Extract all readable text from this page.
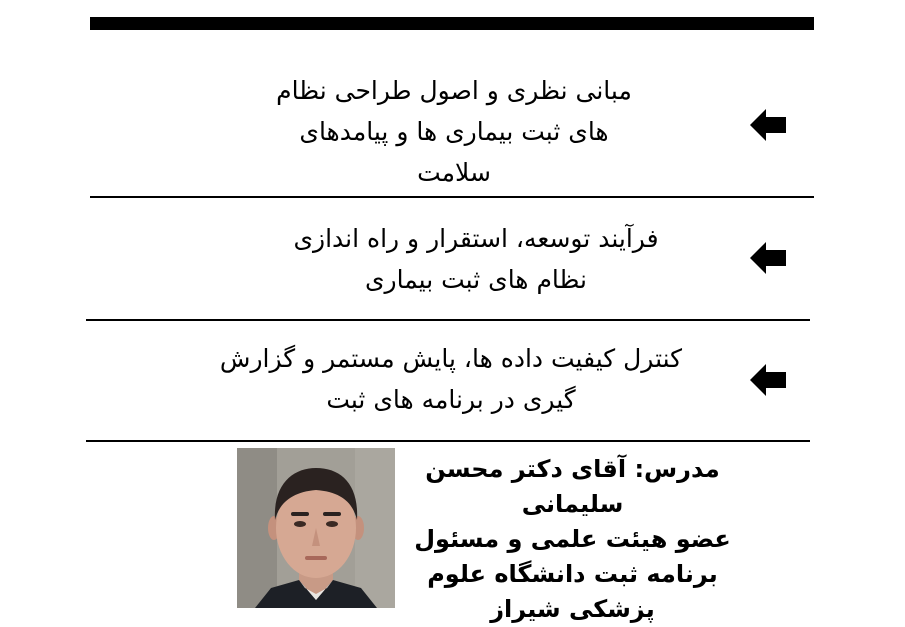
مبانی نظری و اصول طراحی نظام
های ثبت بیماری ها و پیامدهای
سلامت
فرآیند توسعه، استقرار و راه اندازی
نظام های ثبت بیماری
کنترل کیفیت داده ها، پایش مستمر و گزارش
گیری در برنامه های ثبت
مدرس: آقای دکتر محسن
سلیمانی
عضو هیئت علمی و مسئول
برنامه ثبت دانشگاه علوم
پزشکی شیراز
